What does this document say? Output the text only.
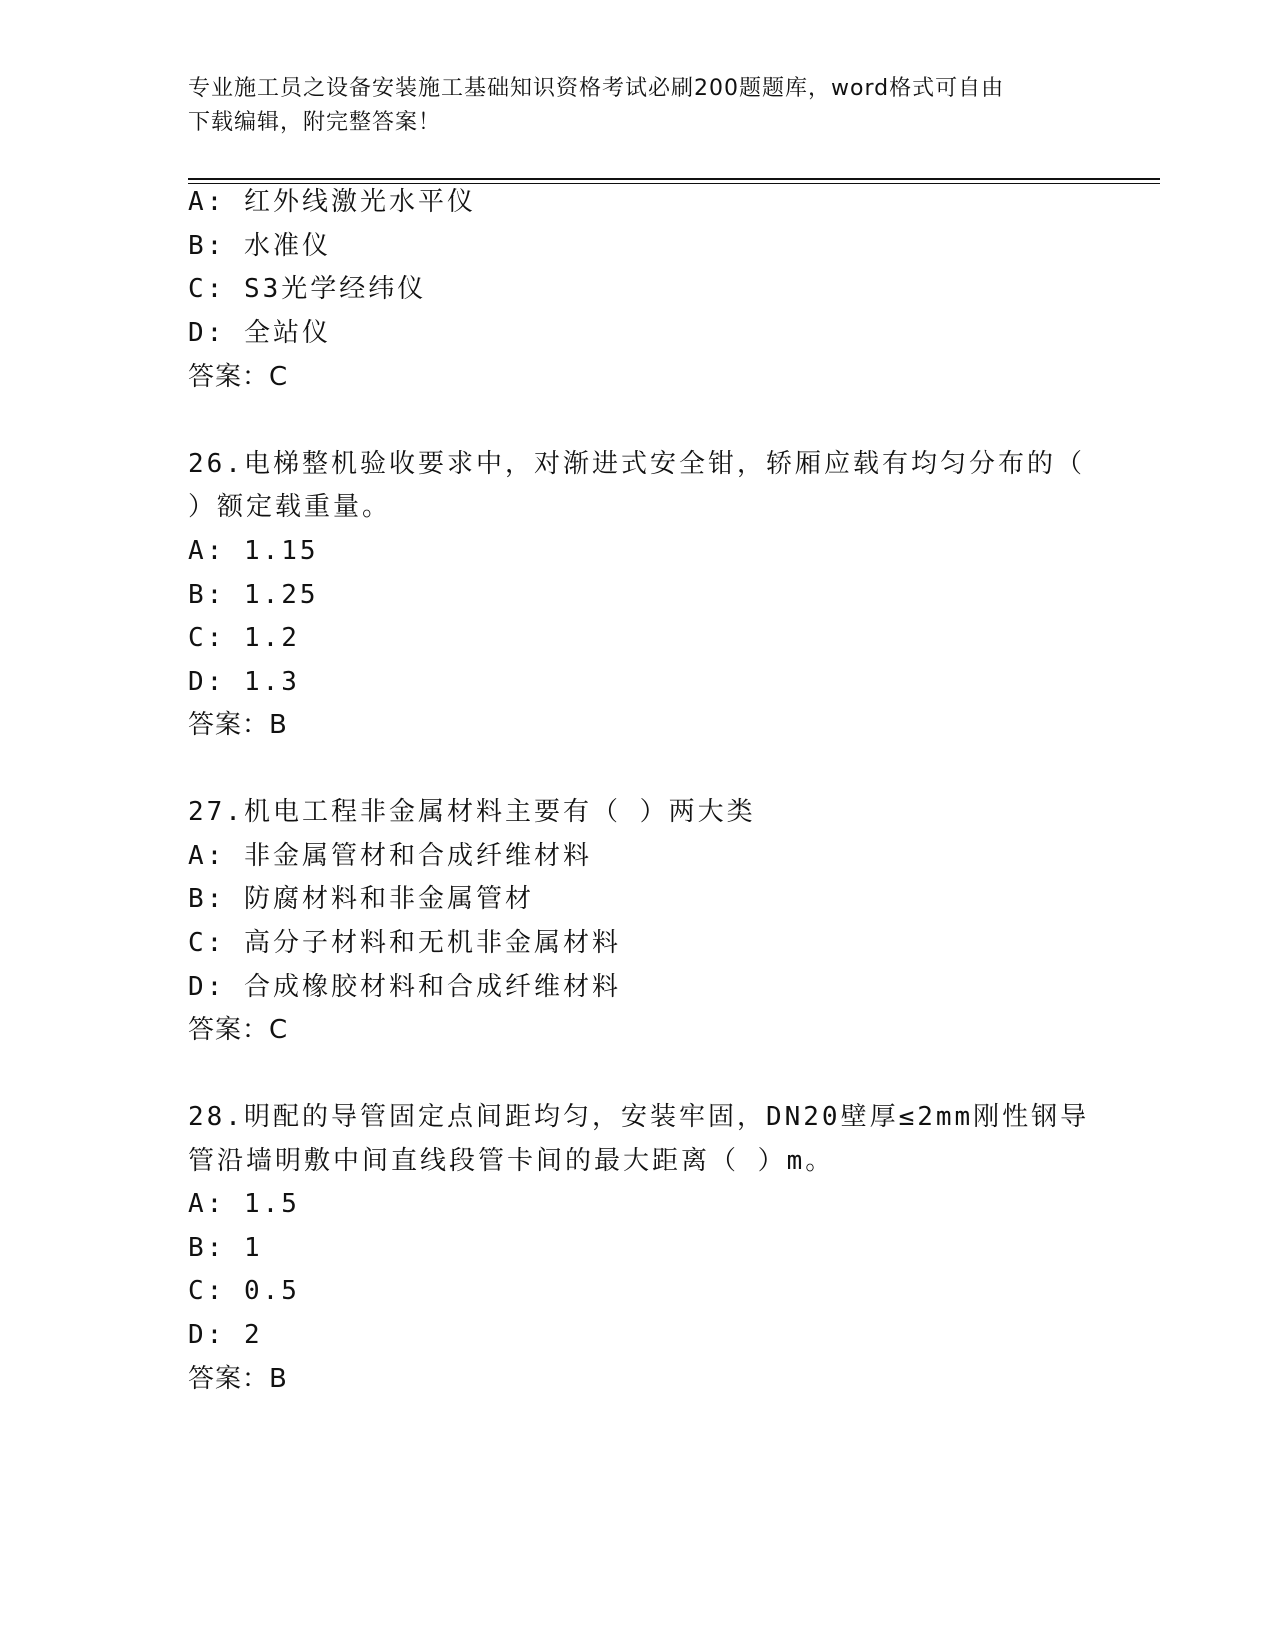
专业施工员之设备安装施工基础知识资格考试必刷200题题库，word格式可自由
下载编辑，附完整答案！
A: 红外线激光水平仪
B: 水准仪
C: S3光学经纬仪
D: 全站仪
答案：C
26.电梯整机验收要求中，对渐进式安全钳，轿厢应载有均匀分布的（
）额定载重量。
A: 1.15
B: 1.25
C: 1.2
D: 1.3
答案：B
27.机电工程非金属材料主要有（ ）两大类
A: 非金属管材和合成纤维材料
B: 防腐材料和非金属管材
C: 高分子材料和无机非金属材料
D: 合成橡胶材料和合成纤维材料
答案：C
28.明配的导管固定点间距均匀，安装牢固，DN20壁厚≤2mm刚性钢导
管沿墙明敷中间直线段管卡间的最大距离（ ）m。
A: 1.5
B: 1
C: 0.5
D: 2
答案：B
